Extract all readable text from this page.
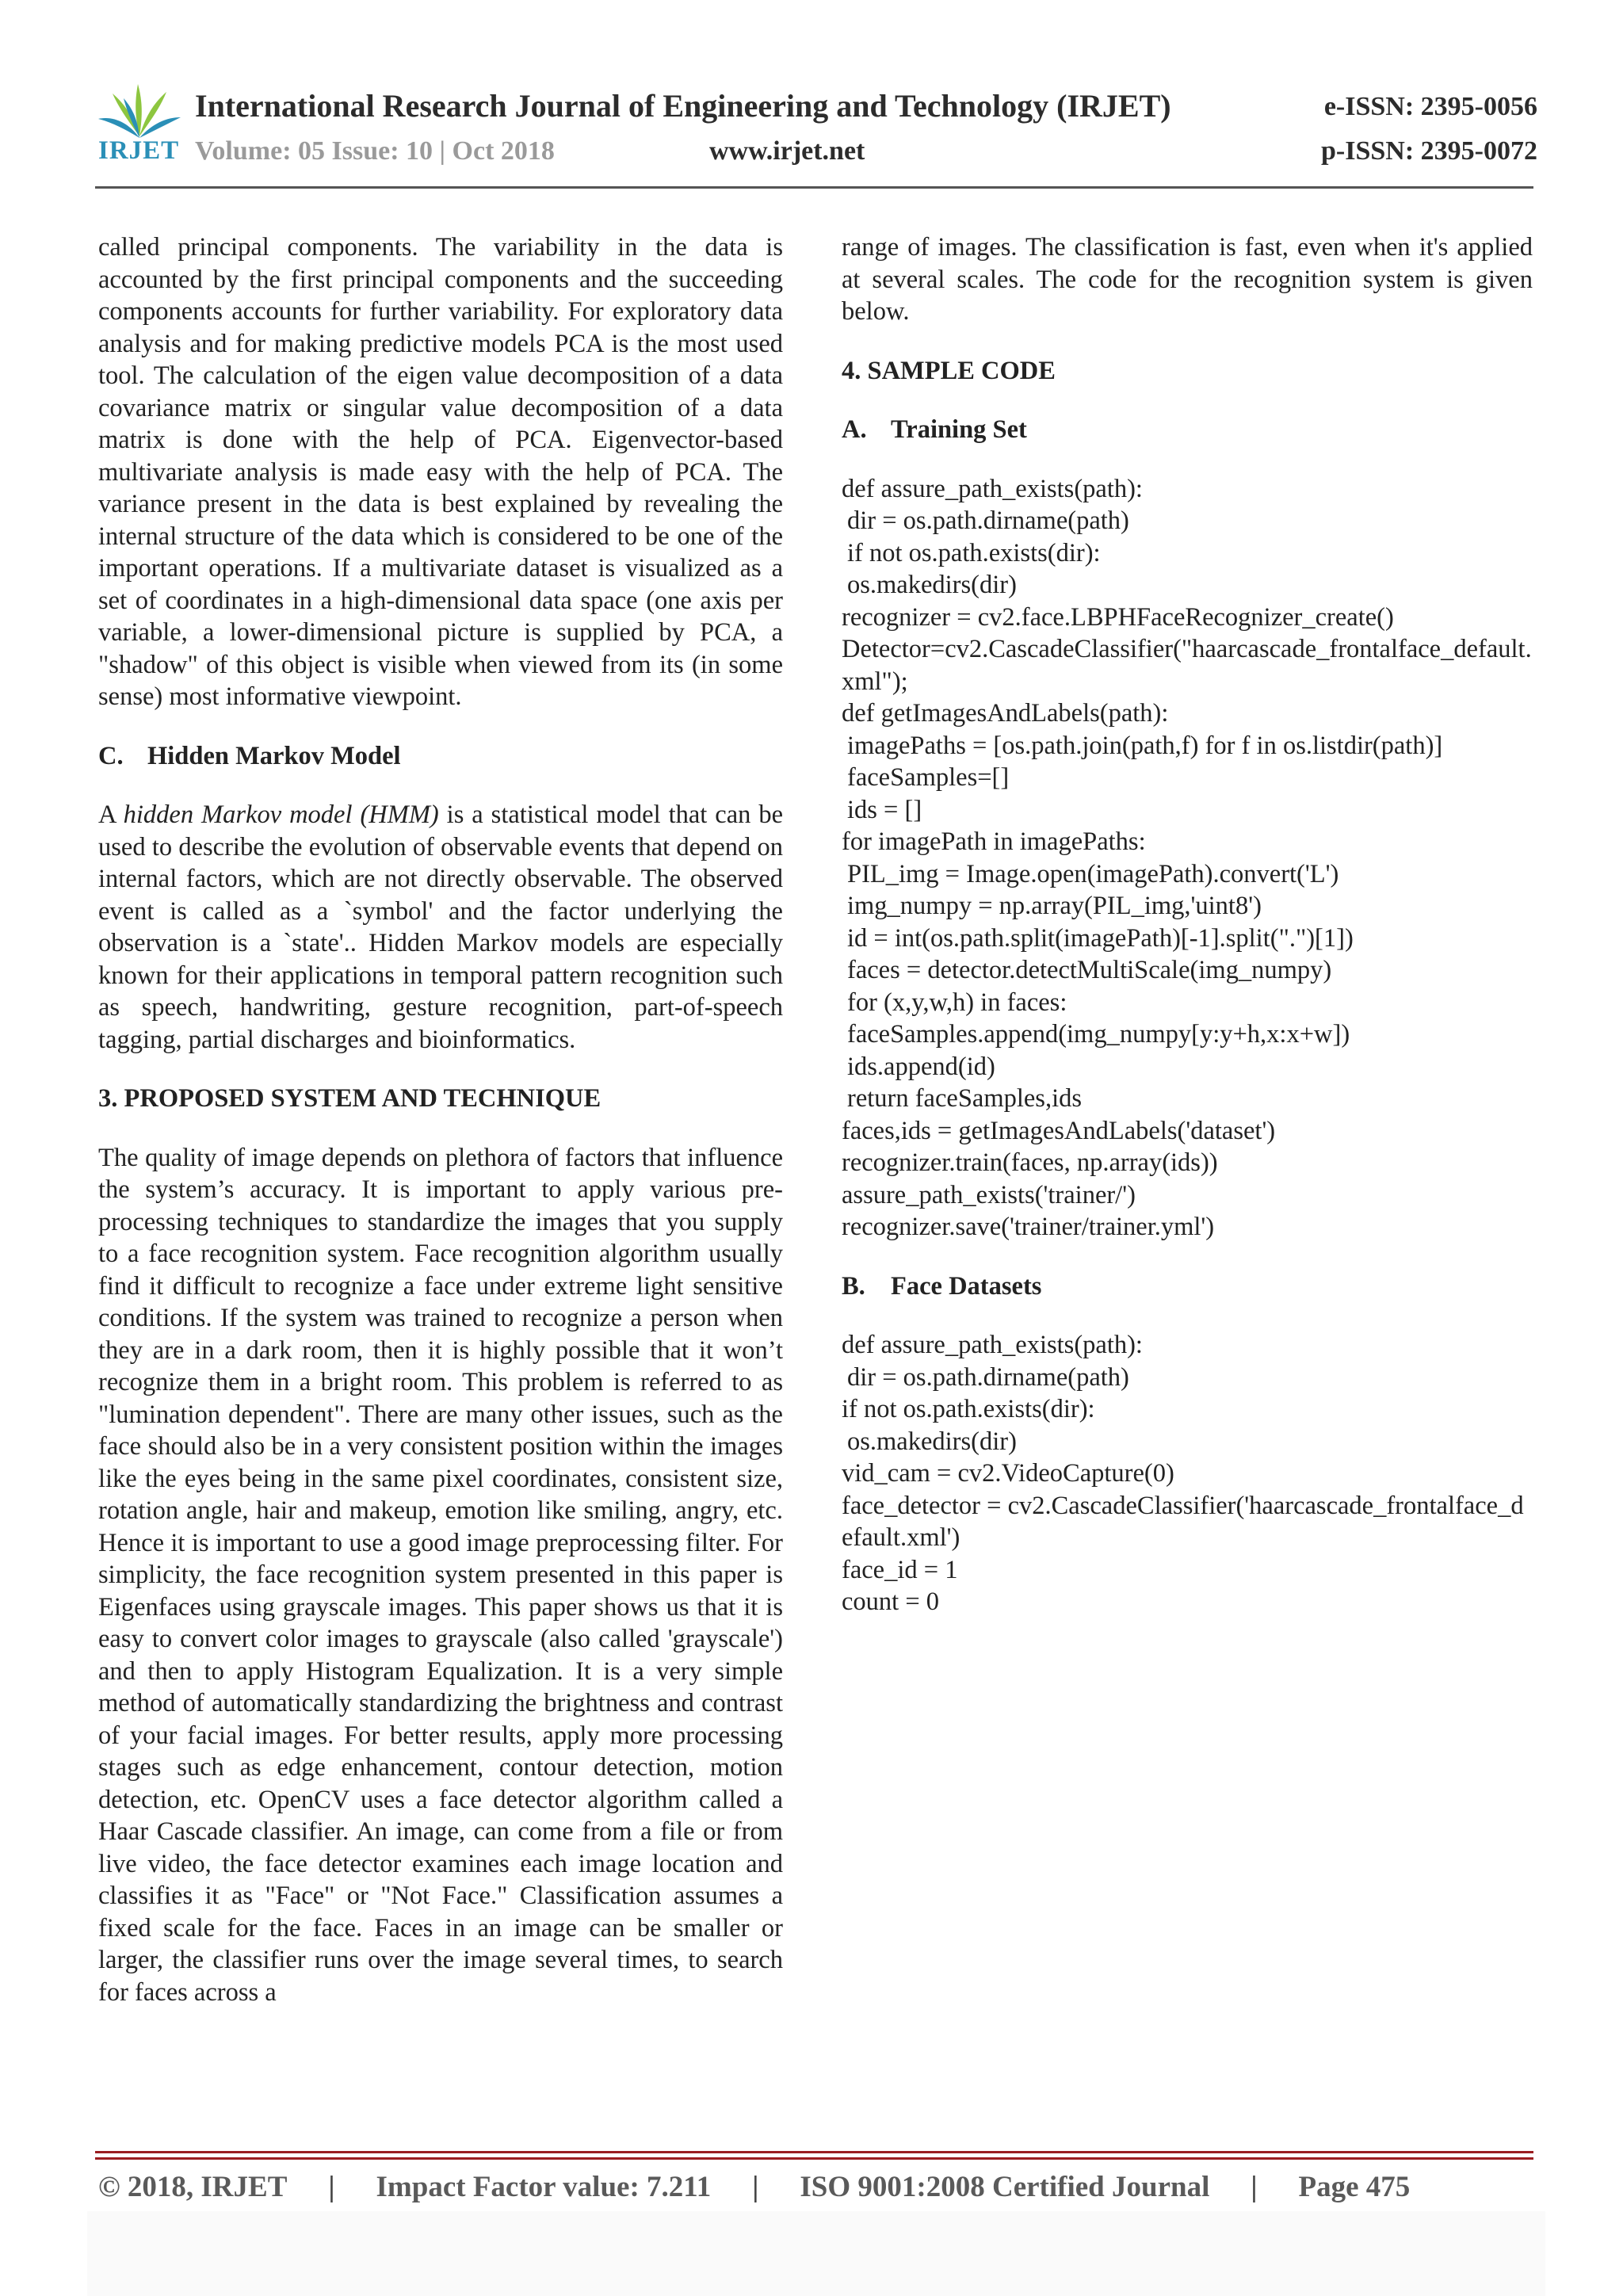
IRJET
International Research Journal of Engineering and Technology (IRJET)	e-ISSN: 2395-0056
Volume: 05 Issue: 10 | Oct 2018	www.irjet.net	p-ISSN: 2395-0072

called principal components. The variability in the data is accounted by the first principal components and the succeeding components accounts for further variability. For exploratory data analysis and for making predictive models PCA is the most used tool. The calculation of the eigen value decomposition of a data covariance matrix or singular value decomposition of a data matrix is done with the help of PCA. Eigenvector-based multivariate analysis is made easy with the help of PCA. The variance present in the data is best explained by revealing the internal structure of the data which is considered to be one of the important operations. If a multivariate dataset is visualized as a set of coordinates in a high-dimensional data space (one axis per variable, a lower-dimensional picture is supplied by PCA, a "shadow" of this object is visible when viewed from its (in some sense) most informative viewpoint.

C. Hidden Markov Model

A hidden Markov model (HMM) is a statistical model that can be used to describe the evolution of observable events that depend on internal factors, which are not directly observable. The observed event is called as a `symbol' and the factor underlying the observation is a `state'.. Hidden Markov models are especially known for their applications in temporal pattern recognition such as speech, handwriting, gesture recognition, part-of-speech tagging, partial discharges and bioinformatics.

3. PROPOSED SYSTEM AND TECHNIQUE

The quality of image depends on plethora of factors that influence the system’s accuracy. It is important to apply various pre-processing techniques to standardize the images that you supply to a face recognition system. Face recognition algorithm usually find it difficult to recognize a face under extreme light sensitive conditions. If the system was trained to recognize a person when they are in a dark room, then it is highly possible that it won’t recognize them in a bright room. This problem is referred to as "lumination dependent". There are many other issues, such as the face should also be in a very consistent position within the images like the eyes being in the same pixel coordinates, consistent size, rotation angle, hair and makeup, emotion like smiling, angry, etc. Hence it is important to use a good image preprocessing filter. For simplicity, the face recognition system presented in this paper is Eigenfaces using grayscale images. This paper shows us that it is easy to convert color images to grayscale (also called 'grayscale') and then to apply Histogram Equalization. It is a very simple method of automatically standardizing the brightness and contrast of your facial images. For better results, apply more processing stages such as edge enhancement, contour detection, motion detection, etc. OpenCV uses a face detector algorithm called a Haar Cascade classifier. An image, can come from a file or from live video, the face detector examines each image location and classifies it as "Face" or "Not Face." Classification assumes a fixed scale for the face. Faces in an image can be smaller or larger, the classifier runs over the image several times, to search for faces across a

range of images. The classification is fast, even when it's applied at several scales. The code for the recognition system is given below.

4. SAMPLE CODE
A. Training Set

def assure_path_exists(path):

dir = os.path.dirname(path)

if not os.path.exists(dir):

os.makedirs(dir)

recognizer = cv2.face.LBPHFaceRecognizer_create()

Detector=cv2.CascadeClassifier("haarcascade_frontalface_default.xml");

def getImagesAndLabels(path):

imagePaths = [os.path.join(path,f) for f in os.listdir(path)]

faceSamples=[]

ids = []

for imagePath in imagePaths:

PIL_img = Image.open(imagePath).convert('L')

img_numpy = np.array(PIL_img,'uint8')

id = int(os.path.split(imagePath)[-1].split(".")[1])

faces = detector.detectMultiScale(img_numpy)

for (x,y,w,h) in faces:

faceSamples.append(img_numpy[y:y+h,x:x+w])

ids.append(id)

return faceSamples,ids

faces,ids = getImagesAndLabels('dataset')

recognizer.train(faces, np.array(ids))

assure_path_exists('trainer/')

recognizer.save('trainer/trainer.yml')

B. Face Datasets

def assure_path_exists(path):

dir = os.path.dirname(path)

if not os.path.exists(dir):

os.makedirs(dir)

vid_cam = cv2.VideoCapture(0)

face_detector = cv2.CascadeClassifier('haarcascade_frontalface_default.xml')

face_id = 1

count = 0

© 2018, IRJET | Impact Factor value: 7.211 | ISO 9001:2008 Certified Journal | Page 475
